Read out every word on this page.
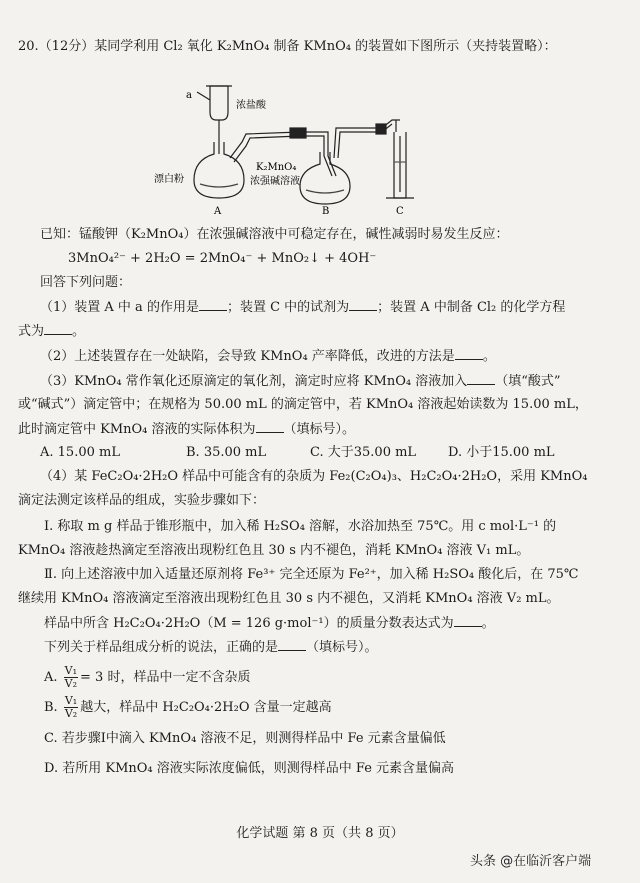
20.（12分）某同学利用 Cl₂ 氧化 K₂MnO₄ 制备 KMnO₄ 的装置如下图所示（夹持装置略）：
a
浓盐酸
漂白粉
K₂MnO₄
浓强碱溶液
A	B	C
已知：锰酸钾（K₂MnO₄）在浓强碱溶液中可稳定存在，碱性减弱时易发生反应：
3MnO₄²⁻ + 2H₂O = 2MnO₄⁻ + MnO₂↓ + 4OH⁻
回答下列问题：
（1）装置 A 中 a 的作用是 ；装置 C 中的试剂为 ；装置 A 中制备 Cl₂ 的化学方程
式为 。
（2）上述装置存在一处缺陷，会导致 KMnO₄ 产率降低，改进的方法是 。
（3）KMnO₄ 常作氧化还原滴定的氧化剂，滴定时应将 KMnO₄ 溶液加入 （填“酸式”
或“碱式”）滴定管中；在规格为 50.00 mL 的滴定管中，若 KMnO₄ 溶液起始读数为 15.00 mL，
此时滴定管中 KMnO₄ 溶液的实际体积为 （填标号）。
A. 15.00 mL	B. 35.00 mL	C. 大于35.00 mL D. 小于15.00 mL
（4）某 FeC₂O₄·2H₂O 样品中可能含有的杂质为 Fe₂(C₂O₄)₃、H₂C₂O₄·2H₂O，采用 KMnO₄
滴定法测定该样品的组成，实验步骤如下：
Ⅰ. 称取 m g 样品于锥形瓶中，加入稀 H₂SO₄ 溶解，水浴加热至 75℃。用 c mol·L⁻¹ 的
KMnO₄ 溶液趁热滴定至溶液出现粉红色且 30 s 内不褪色，消耗 KMnO₄ 溶液 V₁ mL。
Ⅱ. 向上述溶液中加入适量还原剂将 Fe³⁺ 完全还原为 Fe²⁺，加入稀 H₂SO₄ 酸化后，在 75℃
继续用 KMnO₄ 溶液滴定至溶液出现粉红色且 30 s 内不褪色，又消耗 KMnO₄ 溶液 V₂ mL。
样品中所含 H₂C₂O₄·2H₂O（M = 126 g·mol⁻¹）的质量分数表达式为 。
下列关于样品组成分析的说法，正确的是 （填标号）。
A. $\frac{\text{V₁}}{\text{V₂}} = 3$ 时，样品中一定不含杂质
B. $\frac{\text{V₁}}{\text{V₂}}$ 越大，样品中 H₂C₂O₄·2H₂O 含量一定越高
C. 若步骤Ⅰ中滴入 KMnO₄ 溶液不足，则测得样品中 Fe 元素含量偏低
D. 若所用 KMnO₄ 溶液实际浓度偏低，则测得样品中 Fe 元素含量偏高
化学试题 第 8 页（共 8 页）
头条 @在临沂客户端
